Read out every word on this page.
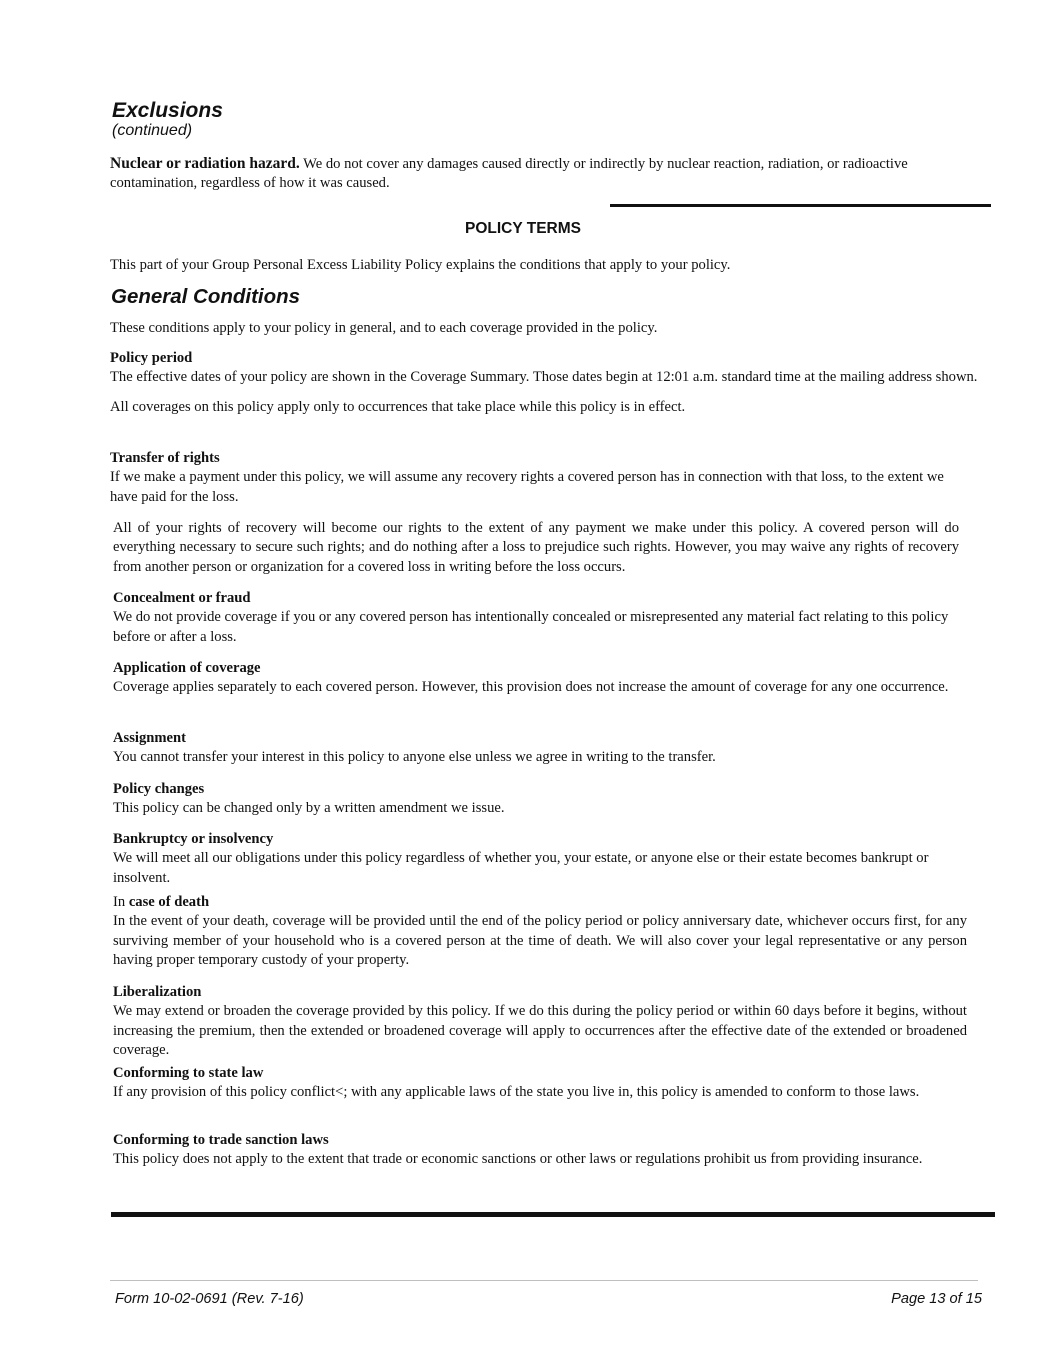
Exclusions
(continued)
Nuclear or radiation hazard. We do not cover any damages caused directly or indirectly by nuclear reaction, radiation, or radioactive contamination, regardless of how it was caused.
POLICY TERMS
This part of your Group Personal Excess Liability Policy explains the conditions that apply to your policy.
General Conditions
These conditions apply to your policy in general, and to each coverage provided in the policy.
Policy period
The effective dates of your policy are shown in the Coverage Summary. Those dates begin at 12:01 a.m. standard time at the mailing address shown.
All coverages on this policy apply only to occurrences that take place while this policy is in effect.
Transfer of rights
If we make a payment under this policy, we will assume any recovery rights a covered person has in connection with that loss, to the extent we have paid for the loss.
All of your rights of recovery will become our rights to the extent of any payment we make under this policy. A covered person will do everything necessary to secure such rights; and do nothing after a loss to prejudice such rights. However, you may waive any rights of recovery from another person or organization for a covered loss in writing before the loss occurs.
Concealment or fraud
We do not provide coverage if you or any covered person has intentionally concealed or misrepresented any material fact relating to this policy before or after a loss.
Application of coverage
Coverage applies separately to each covered person. However, this provision does not increase the amount of coverage for any one occurrence.
Assignment
You cannot transfer your interest in this policy to anyone else unless we agree in writing to the transfer.
Policy changes
This policy can be changed only by a written amendment we issue.
Bankruptcy or insolvency
We will meet all our obligations under this policy regardless of whether you, your estate, or anyone else or their estate becomes bankrupt or insolvent.
In case of death
In the event of your death, coverage will be provided until the end of the policy period or policy anniversary date, whichever occurs first, for any surviving member of your household who is a covered person at the time of death. We will also cover your legal representative or any person having proper temporary custody of your property.
Liberalization
We may extend or broaden the coverage provided by this policy. If we do this during the policy period or within 60 days before it begins, without increasing the premium, then the extended or broadened coverage will apply to occurrences after the effective date of the extended or broadened coverage.
Conforming to state law
If any provision of this policy conflict<; with any applicable laws of the state you live in, this policy is amended to conform to those laws.
Conforming to trade sanction laws
This policy does not apply to the extent that trade or economic sanctions or other laws or regulations prohibit us from providing insurance.
Form 10-02-0691 (Rev. 7-16)	Page 13 of 15
